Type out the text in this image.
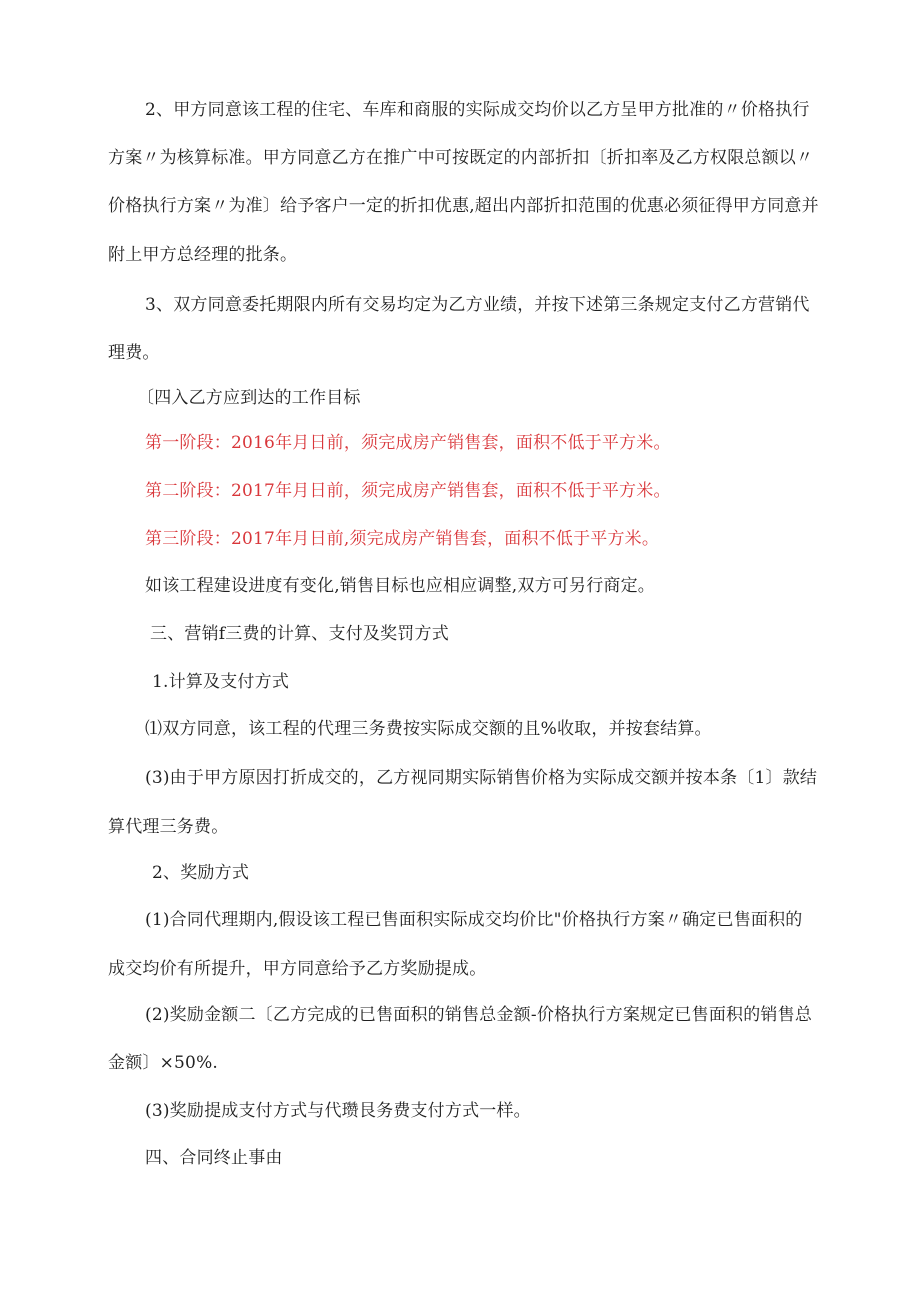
2、甲方同意该工程的住宅、车库和商服的实际成交均价以乙方呈甲方批准的〃价格执行
方案〃为核算标准。甲方同意乙方在推广中可按既定的内部折扣〔折扣率及乙方权限总额以〃
价格执行方案〃为准〕给予客户一定的折扣优惠,超出内部折扣范围的优惠必须征得甲方同意并
附上甲方总经理的批条。
3、双方同意委托期限内所有交易均定为乙方业绩，并按下述第三条规定支付乙方营销代
理费。
〔四入乙方应到达的工作目标
第一阶段：2016年月日前，须完成房产销售套，面积不低于平方米。
第二阶段：2017年月日前，须完成房产销售套，面积不低于平方米。
第三阶段：2017年月日前,须完成房产销售套，面积不低于平方米。
如该工程建设进度有变化,销售目标也应相应调整,双方可另行商定。
三、营销f三费的计算、支付及奖罚方式
1.计算及支付方式
⑴双方同意，该工程的代理三务费按实际成交额的且%收取，并按套结算。
(3)由于甲方原因打折成交的，乙方视同期实际销售价格为实际成交额并按本条〔1〕款结
算代理三务费。
2、奖励方式
(1)合同代理期内,假设该工程已售面积实际成交均价比"价格执行方案〃确定已售面积的
成交均价有所提升，甲方同意给予乙方奖励提成。
(2)奖励金额二〔乙方完成的已售面积的销售总金额-价格执行方案规定已售面积的销售总
金额〕×50%.
(3)奖励提成支付方式与代瓒艮务费支付方式一样。
四、合同终止事由
